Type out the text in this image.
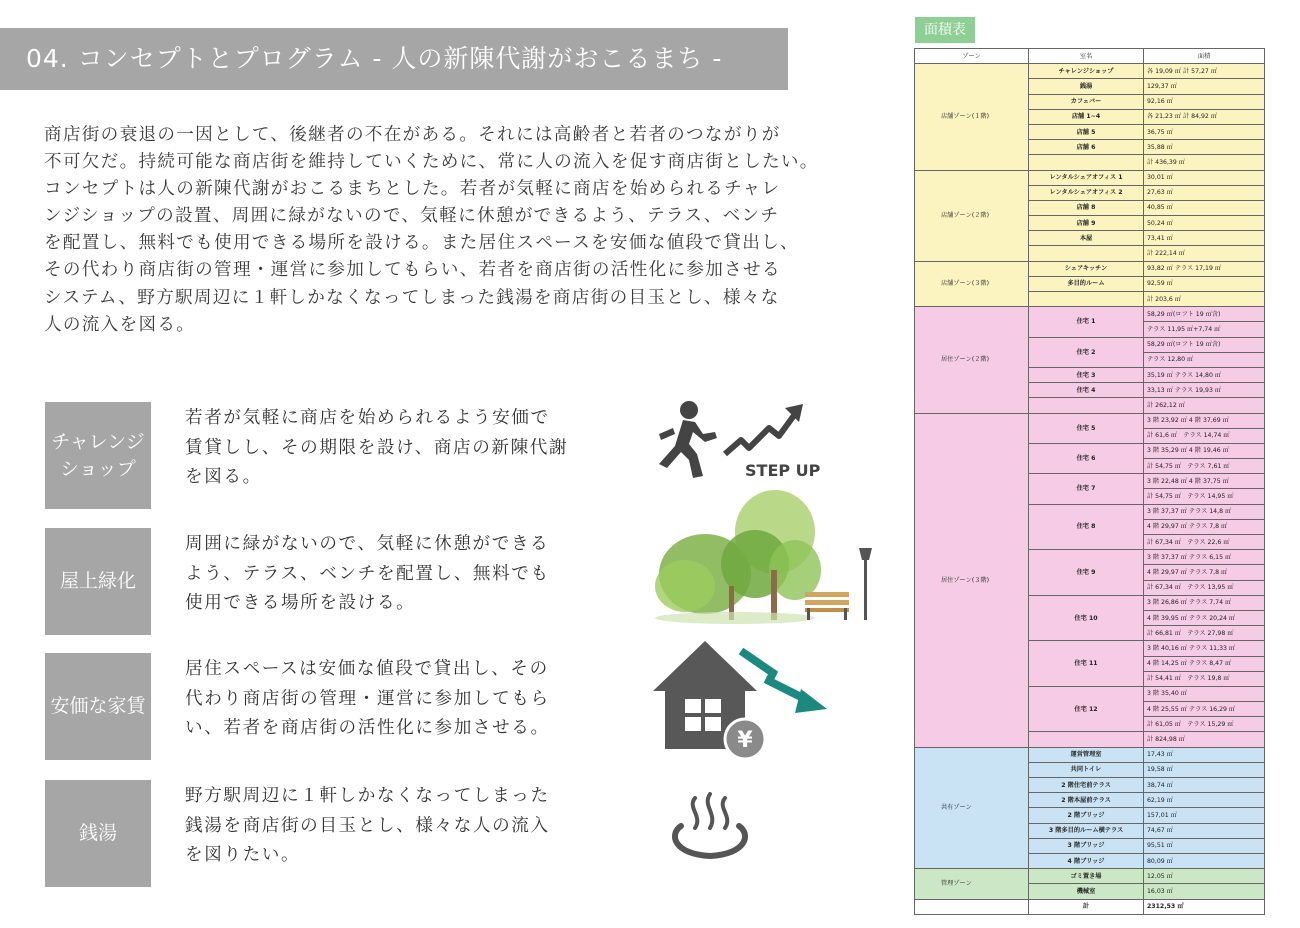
04. コンセプトとプログラム - 人の新陳代謝がおこるまち -
商店街の衰退の一因として、後継者の不在がある。それには高齢者と若者のつながりが
不可欠だ。持続可能な商店街を維持していくために、常に人の流入を促す商店街としたい。
コンセプトは人の新陳代謝がおこるまちとした。若者が気軽に商店を始められるチャレ
ンジショップの設置、周囲に緑がないので、気軽に休憩ができるよう、テラス、ベンチ
を配置し、無料でも使用できる場所を設ける。また居住スペースを安価な値段で貸出し、
その代わり商店街の管理・運営に参加してもらい、若者を商店街の活性化に参加させる
システム、野方駅周辺に１軒しかなくなってしまった銭湯を商店街の目玉とし、様々な
人の流入を図る。
チャレンジ
ショップ
若者が気軽に商店を始められるよう安価で
賃貸しし、その期限を設け、商店の新陳代謝
を図る。	STEP UP
屋上緑化
周囲に緑がないので、気軽に休憩ができる
よう、テラス、ベンチを配置し、無料でも
使用できる場所を設ける。
安価な家賃
居住スペースは安価な値段で貸出し、その
代わり商店街の管理・運営に参加してもら
い、若者を商店街の活性化に参加させる。	¥
銭湯
野方駅周辺に１軒しかなくなってしまった
銭湯を商店街の目玉とし、様々な人の流入
を図りたい。
面積表
ゾーン	室名	面積
店舗ゾーン(１階)	チャレンジショップ	各 19,09 ㎡ 計 57,27 ㎡
	銭湯	129,37 ㎡
	カフェバー	92,16 ㎡
	店舗 1~4	各 21,23 ㎡ 計 84,92 ㎡
	店舗 5	36,75 ㎡
	店舗 6	35,88 ㎡
		計 436,39 ㎡
店舗ゾーン(２階)	レンタルシェアオフィス 1	30,01 ㎡
	レンタルシェアオフィス 2	27,63 ㎡
	店舗 8	40,85 ㎡
	店舗 9	50,24 ㎡
	本屋	73,41 ㎡
		計 222,14 ㎡
店舗ゾーン(３階)	シェアキッチン	93,82 ㎡ テラス 17,19 ㎡
	多目的ルーム	92,59 ㎡
		計 203,6 ㎡
居住ゾーン(２階)	住宅 1	58,29 ㎡(ロフト 19 ㎡含)
		テラス 11,95 ㎡+7,74 ㎡
	住宅 2	58,29 ㎡(ロフト 19 ㎡含)
		テラス 12,80 ㎡
	住宅 3	35,19 ㎡ テラス 14,80 ㎡
	住宅 4	33,13 ㎡ テラス 19,93 ㎡
		計 262,12 ㎡
居住ゾーン(３階)	住宅 5	3 階 23,92 ㎡ 4 階 37,69 ㎡
		計 61,6 ㎡　テラス 14,74 ㎡
	住宅 6	3 階 35,29 ㎡ 4 階 19,46 ㎡
		計 54,75 ㎡　テラス 7,61 ㎡
	住宅 7	3 階 22,48 ㎡ 4 階 37,75 ㎡
		計 54,75 ㎡　テラス 14,95 ㎡
	住宅 8	3 階 37,37 ㎡ テラス 14,8 ㎡
		4 階 29,97 ㎡ テラス 7,8 ㎡
		計 67,34 ㎡　テラス 22,6 ㎡
	住宅 9	3 階 37,37 ㎡ テラス 6,15 ㎡
		4 階 29,97 ㎡ テラス 7,8 ㎡
		計 67,34 ㎡　テラス 13,95 ㎡
	住宅 10	3 階 26,86 ㎡ テラス 7,74 ㎡
		4 階 39,95 ㎡ テラス 20,24 ㎡
		計 66,81 ㎡　テラス 27,98 ㎡
	住宅 11	3 階 40,16 ㎡ テラス 11,33 ㎡
		4 階 14,25 ㎡ テラス 8,47 ㎡
		計 54,41 ㎡　テラス 19,8 ㎡
	住宅 12	3 階 35,40 ㎡
		4 階 25,55 ㎡ テラス 16,29 ㎡
		計 61,05 ㎡　テラス 15,29 ㎡
		計 824,98 ㎡
共有ゾーン	運営管理室	17,43 ㎡
	共同トイレ	19,58 ㎡
	2 階住宅前テラス	38,74 ㎡
	2 階本屋前テラス	62,19 ㎡
	2 階ブリッジ	157,01 ㎡
	3 階多目的ルーム横テラス	74,67 ㎡
	3 階ブリッジ	95,51 ㎡
	4 階ブリッジ	80,09 ㎡
管理ゾーン	ゴミ置き場	12,05 ㎡
	機械室	16,03 ㎡
	計	2312,53 ㎡
